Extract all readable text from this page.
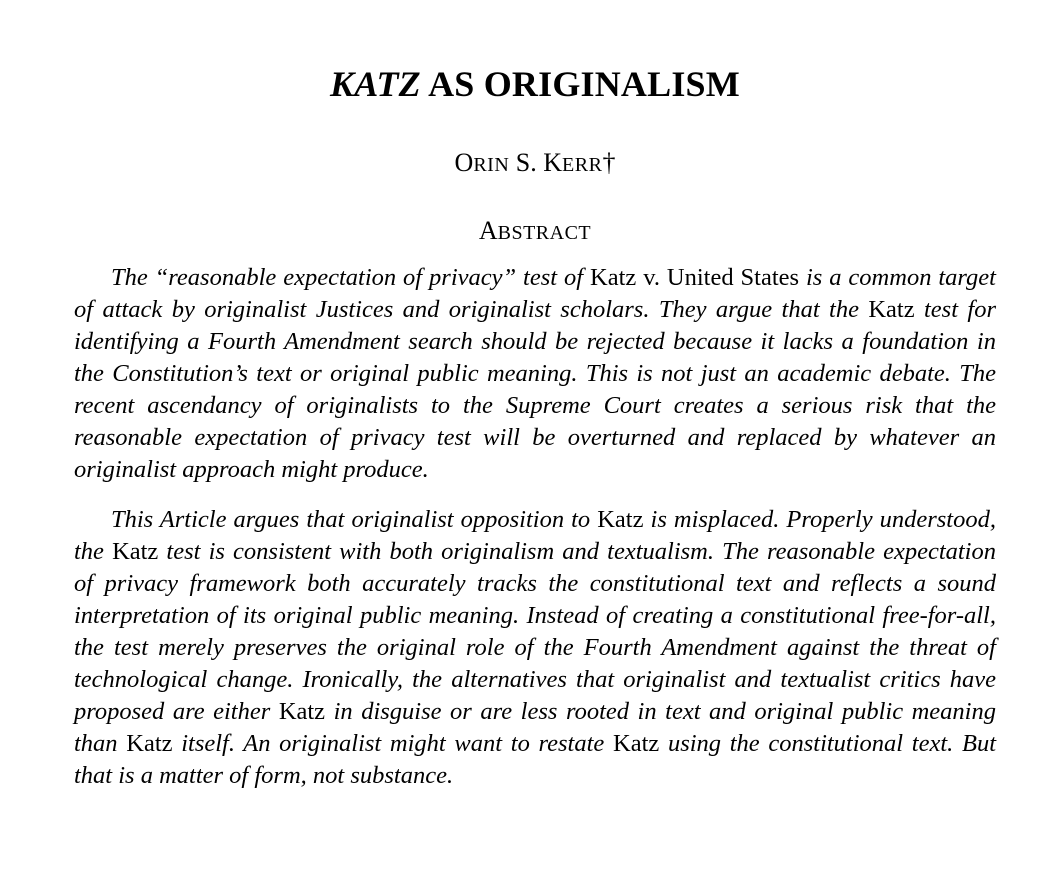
KATZ AS ORIGINALISM
ORIN S. KERR†
ABSTRACT

The “reasonable expectation of privacy” test of Katz v. United States is a common target of attack by originalist Justices and originalist scholars. They argue that the Katz test for identifying a Fourth Amendment search should be rejected because it lacks a foundation in the Constitution’s text or original public meaning. This is not just an academic debate. The recent ascendancy of originalists to the Supreme Court creates a serious risk that the reasonable expectation of privacy test will be overturned and replaced by whatever an originalist approach might produce.

This Article argues that originalist opposition to Katz is misplaced. Properly understood, the Katz test is consistent with both originalism and textualism. The reasonable expectation of privacy framework both accurately tracks the constitutional text and reflects a sound interpretation of its original public meaning. Instead of creating a constitutional free-for-all, the test merely preserves the original role of the Fourth Amendment against the threat of technological change. Ironically, the alternatives that originalist and textualist critics have proposed are either Katz in disguise or are less rooted in text and original public meaning than Katz itself. An originalist might want to restate Katz using the constitutional text. But that is a matter of form, not substance.
